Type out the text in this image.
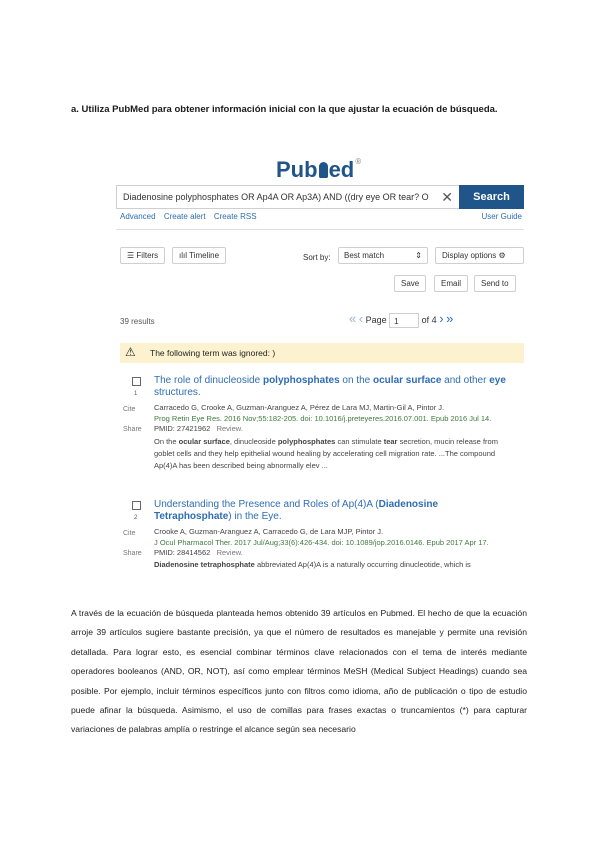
a. Utiliza PubMed para obtener información inicial con la que ajustar la ecuación de búsqueda.
Pub ed®
Diadenosine polyphosphates OR Ap4A OR Ap3A) AND ((dry eye OR tear? O ✕	Search
Advanced Create alert Create RSS	User Guide
☰ Filters	ılıl Timeline	Sort by:	Best match	⇕	Display options ⚙
Save	Email	Send to
39 results	« ‹ Page 1	of 4 › »
⚠ The following term was ignored: )
1
Cite
Share
The role of dinucleoside polyphosphates on the ocular surface and other eye structures.
Carracedo G, Crooke A, Guzman-Aranguez A, Pérez de Lara MJ, Martin-Gil A, Pintor J.
Prog Retin Eye Res. 2016 Nov;55:182-205. doi: 10.1016/j.preteyeres.2016.07.001. Epub 2016 Jul 14.
PMID: 27421962 Review.
On the ocular surface, dinucleoside polyphosphates can stimulate tear secretion, mucin release from goblet cells and they help epithelial wound healing by accelerating cell migration rate. ...The compound Ap(4)A has been described being abnormally elev ...
2
Cite
Share
Understanding the Presence and Roles of Ap(4)A (Diadenosine Tetraphosphate) in the Eye.
Crooke A, Guzman-Aranguez A, Carracedo G, de Lara MJP, Pintor J.
J Ocul Pharmacol Ther. 2017 Jul/Aug;33(6):426-434. doi: 10.1089/jop.2016.0146. Epub 2017 Apr 17.
PMID: 28414562 Review.
Diadenosine tetraphosphate abbreviated Ap(4)A is a naturally occurring dinucleotide, which is
A través de la ecuación de búsqueda planteada hemos obtenido 39 artículos en Pubmed. El hecho de que la ecuación arroje 39 artículos sugiere bastante precisión, ya que el número de resultados es manejable y permite una revisión detallada. Para lograr esto, es esencial combinar términos clave relacionados con el tema de interés mediante operadores booleanos (AND, OR, NOT), así como emplear términos MeSH (Medical Subject Headings) cuando sea posible. Por ejemplo, incluir términos específicos junto con filtros como idioma, año de publicación o tipo de estudio puede afinar la búsqueda. Asimismo, el uso de comillas para frases exactas o truncamientos (*) para capturar variaciones de palabras amplía o restringe el alcance según sea necesario
